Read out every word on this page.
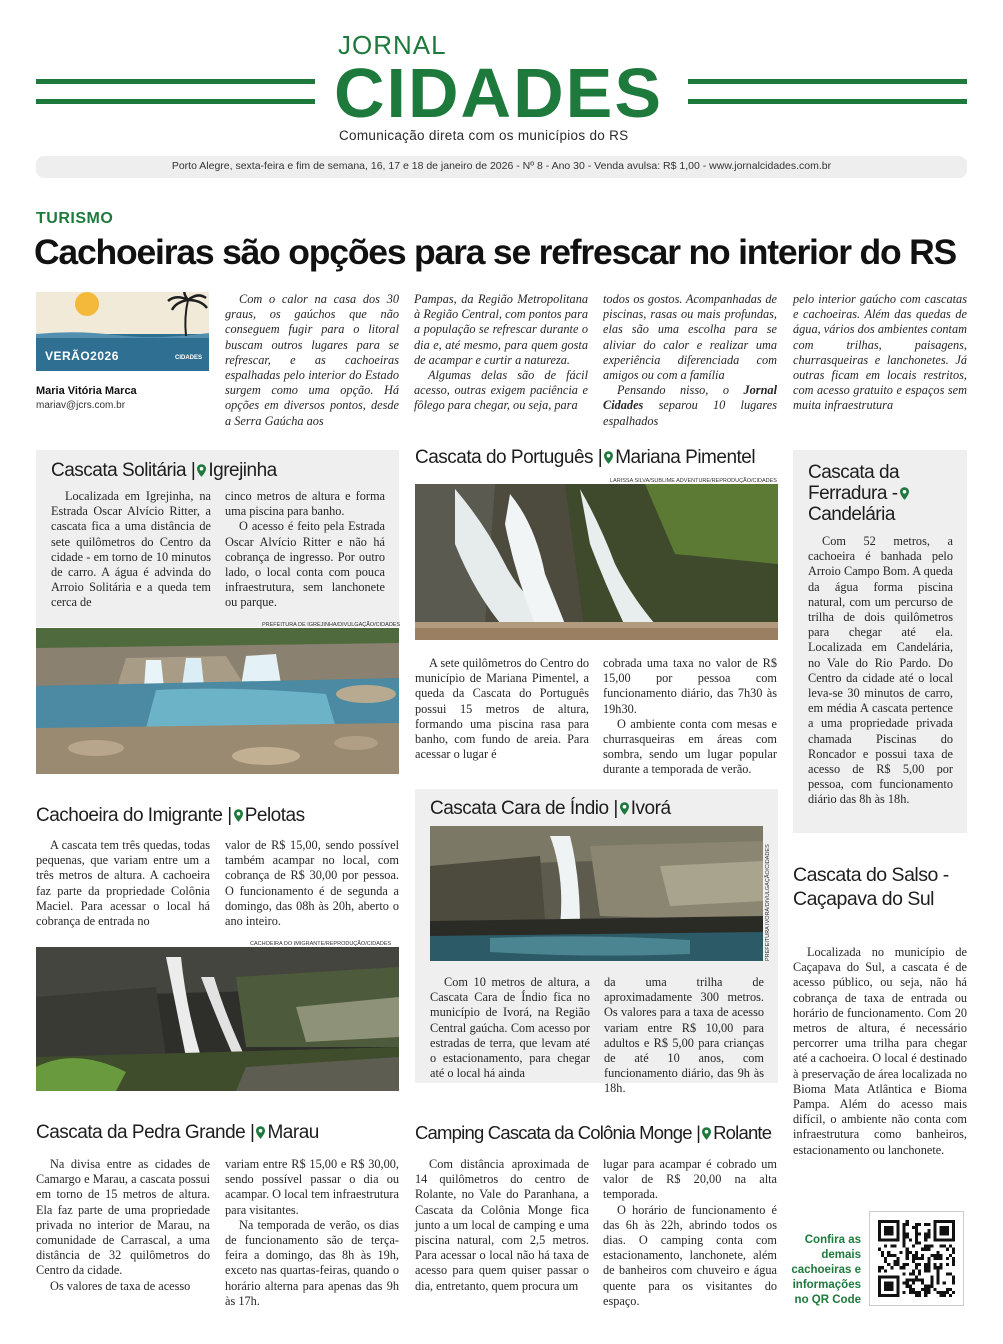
JORNAL
CIDADES
Comunicação direta com os municípios do RS
Porto Alegre, sexta-feira e fim de semana, 16, 17 e 18 de janeiro de 2026 - Nº 8 - Ano 30 - Venda avulsa: R$ 1,00 - www.jornalcidades.com.br
TURISMO
Cachoeiras são opções para se refrescar no interior do RS
VERÃO2026	CIDADES
Maria Vitória Marca
mariav@jcrs.com.br

Com o calor na casa dos 30 graus, os gaúchos que não conseguem fugir para o litoral buscam outros lugares para se refrescar, e as cachoeiras espalhadas pelo interior do Estado surgem como uma opção. Há opções em diversos pontos, desde a Serra Gaúcha aos

Pampas, da Região Metropolitana à Região Central, com pontos para a população se refrescar durante o dia e, até mesmo, para quem gosta de acampar e curtir a natureza.

Algumas delas são de fácil acesso, outras exigem paciência e fôlego para chegar, ou seja, para

todos os gostos. Acompanhadas de piscinas, rasas ou mais profundas, elas são uma escolha para se aliviar do calor e realizar uma experiência diferenciada com amigos ou com a família

Pensando nisso, o Jornal Cidades separou 10 lugares espalhados

pelo interior gaúcho com cascatas e cachoeiras. Além das quedas de água, vários dos ambientes contam com trilhas, paisagens, churrasqueiras e lanchonetes. Já outras ficam em locais restritos, com acesso gratuito e espaços sem muita infraestrutura

Cascata Solitária | Igrejinha

Localizada em Igrejinha, na Estrada Oscar Alvício Ritter, a cascata fica a uma distância de sete quilômetros do Centro da cidade - em torno de 10 minutos de carro. A água é advinda do Arroio Solitária e a queda tem cerca de

cinco metros de altura e forma uma piscina para banho.

O acesso é feito pela Estrada Oscar Alvício Ritter e não há cobrança de ingresso. Por outro lado, o local conta com pouca infraestrutura, sem lanchonete ou parque.

PREFEITURA DE IGREJINHA/DIVULGAÇÃO/CIDADES
Cascata do Português | Mariana Pimentel
LARISSA SILVA/SUBLIME ADVENTURE/REPRODUÇÃO/CIDADES

A sete quilômetros do Centro do município de Mariana Pimentel, a queda da Cascata do Português possui 15 metros de altura, formando uma piscina rasa para banho, com fundo de areia. Para acessar o lugar é

cobrada uma taxa no valor de R$ 15,00 por pessoa com funcionamento diário, das 7h30 às 19h30.

O ambiente conta com mesas e churrasqueiras em áreas com sombra, sendo um lugar popular durante a temporada de verão.

Cascata da Ferradura -
Candelária

Com 52 metros, a cachoeira é banhada pelo Arroio Campo Bom. A queda da água forma piscina natural, com um percurso de trilha de dois quilômetros para chegar até ela. Localizada em Candelária, no Vale do Rio Pardo. Do Centro da cidade até o local leva-se 30 minutos de carro, em média A cascata pertence a uma propriedade privada chamada Piscinas do Roncador e possui taxa de acesso de R$ 5,00 por pessoa, com funcionamento diário das 8h às 18h.

Cachoeira do Imigrante | Pelotas

A cascata tem três quedas, todas pequenas, que variam entre um a três metros de altura. A cachoeira faz parte da propriedade Colônia Maciel. Para acessar o local há cobrança de entrada no

valor de R$ 15,00, sendo possível também acampar no local, com cobrança de R$ 30,00 por pessoa. O funcionamento é de segunda a domingo, das 08h às 20h, aberto o ano inteiro.

CACHOEIRA DO IMIGRANTE/REPRODUÇÃO/CIDADES
Cascata Cara de Índio | Ivorá
PREFEITURA IVORÁ/DIVULGAÇÃO/CIDADES

Com 10 metros de altura, a Cascata Cara de Índio fica no município de Ivorá, na Região Central gaúcha. Com acesso por estradas de terra, que levam até o estacionamento, para chegar até o local há ainda

da uma trilha de aproximadamente 300 metros. Os valores para a taxa de acesso variam entre R$ 10,00 para adultos e R$ 5,00 para crianças de até 10 anos, com funcionamento diário, das 9h às 18h.

Cascata do Salso - Caçapava do Sul

Localizada no município de Caçapava do Sul, a cascata é de acesso público, ou seja, não há cobrança de taxa de entrada ou horário de funcionamento. Com 20 metros de altura, é necessário percorrer uma trilha para chegar até a cachoeira. O local é destinado à preservação de área localizada no Bioma Mata Atlântica e Bioma Pampa. Além do acesso mais difícil, o ambiente não conta com infraestrutura como banheiros, estacionamento ou lanchonete.

Cascata da Pedra Grande | Marau

Na divisa entre as cidades de Camargo e Marau, a cascata possui em torno de 15 metros de altura. Ela faz parte de uma propriedade privada no interior de Marau, na comunidade de Carrascal, a uma distância de 32 quilômetros do Centro da cidade.

Os valores de taxa de acesso

variam entre R$ 15,00 e R$ 30,00, sendo possível passar o dia ou acampar. O local tem infraestrutura para visitantes.

Na temporada de verão, os dias de funcionamento são de terça-feira a domingo, das 8h às 19h, exceto nas quartas-feiras, quando o horário alterna para apenas das 9h às 17h.

Camping Cascata da Colônia Monge | Rolante

Com distância aproximada de 14 quilômetros do centro de Rolante, no Vale do Paranhana, a Cascata da Colônia Monge fica junto a um local de camping e uma piscina natural, com 2,5 metros. Para acessar o local não há taxa de acesso para quem quiser passar o dia, entretanto, quem procura um

lugar para acampar é cobrado um valor de R$ 20,00 na alta temporada.

O horário de funcionamento é das 6h às 22h, abrindo todos os dias. O camping conta com estacionamento, lanchonete, além de banheiros com chuveiro e água quente para os visitantes do espaço.

Confira as demais cachoeiras e informações no QR Code
